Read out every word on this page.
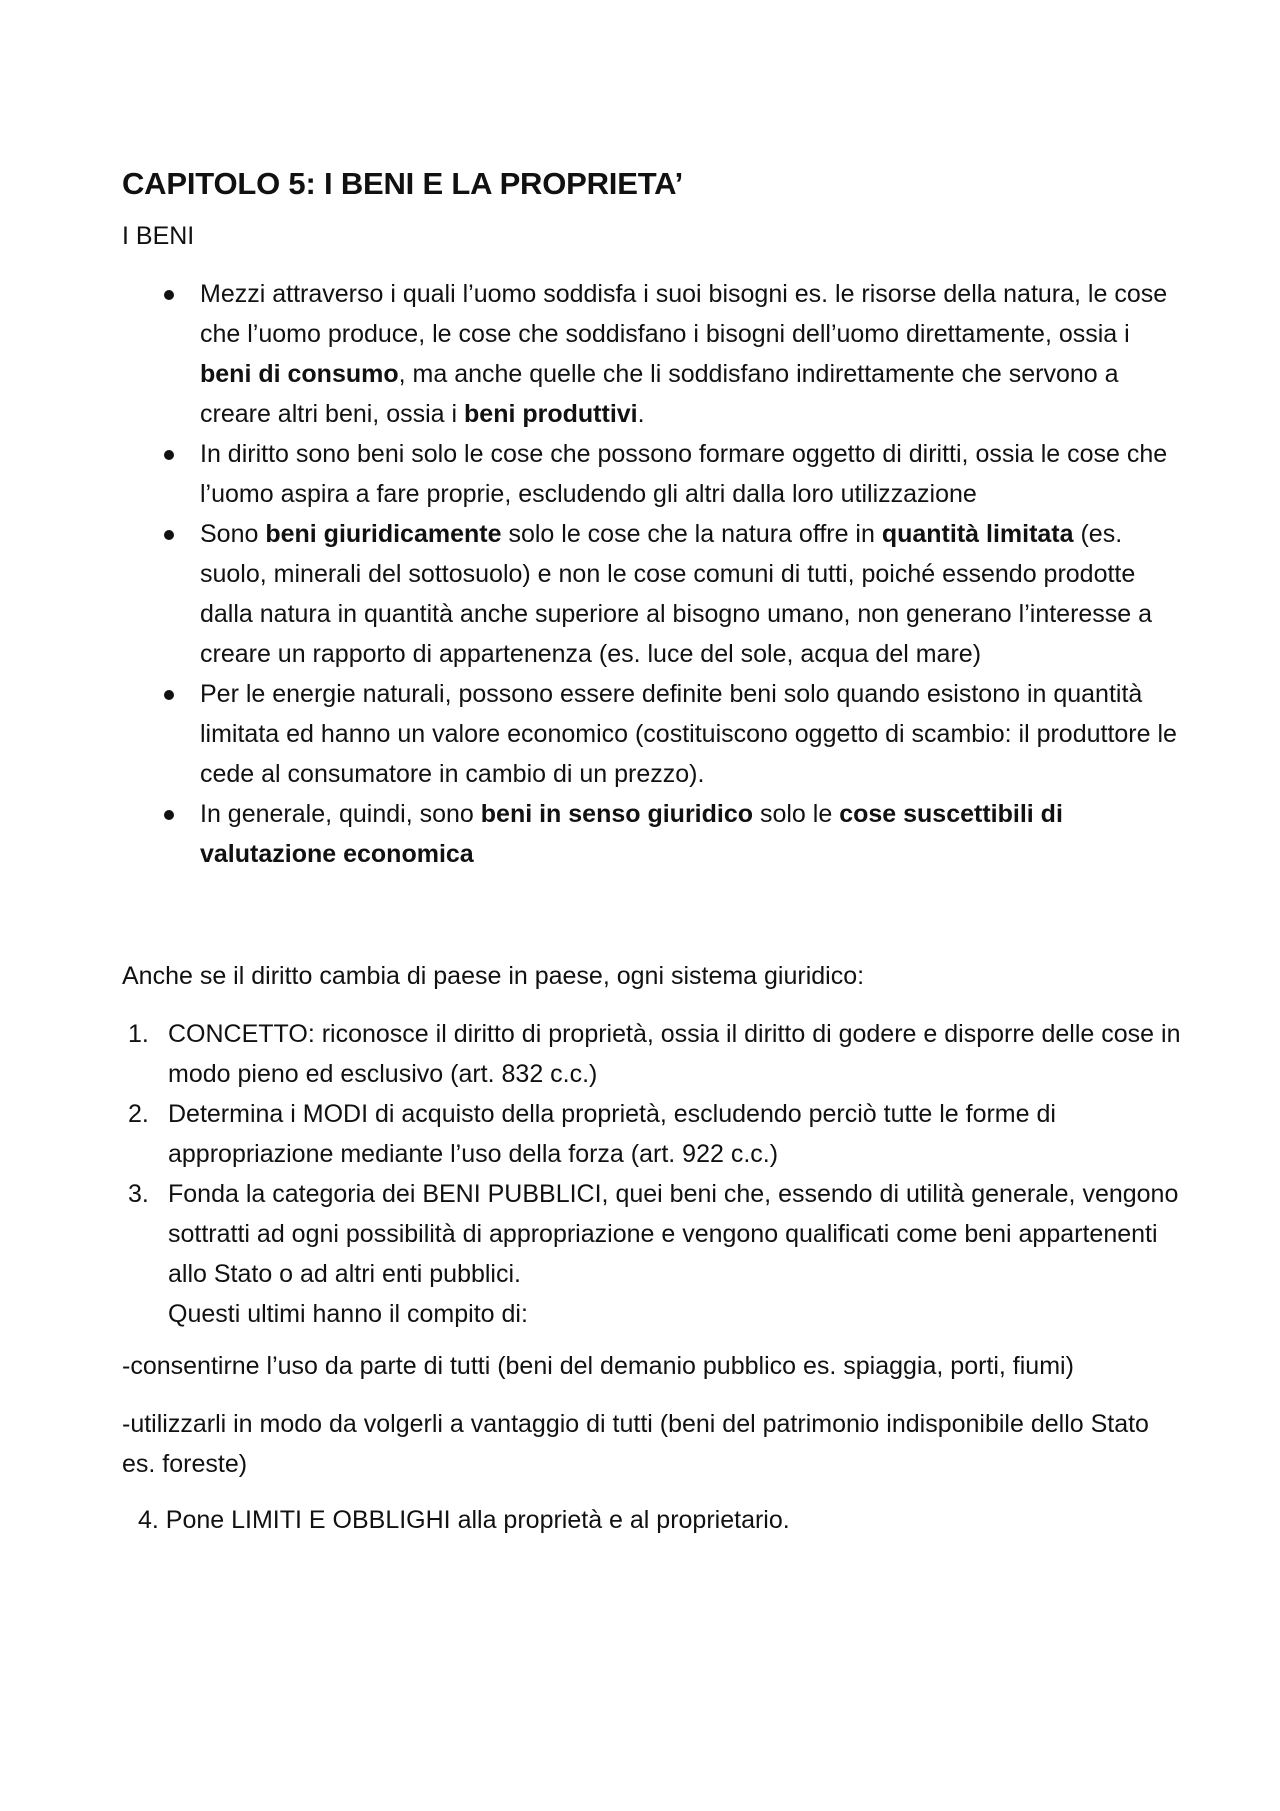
CAPITOLO 5: I BENI E LA PROPRIETA’
I BENI
Mezzi attraverso i quali l’uomo soddisfa i suoi bisogni es. le risorse della natura, le cose che l’uomo produce, le cose che soddisfano i bisogni dell’uomo direttamente, ossia i beni di consumo, ma anche quelle che li soddisfano indirettamente che servono a creare altri beni, ossia i beni produttivi.
In diritto sono beni solo le cose che possono formare oggetto di diritti, ossia le cose che l’uomo aspira a fare proprie, escludendo gli altri dalla loro utilizzazione
Sono beni giuridicamente solo le cose che la natura offre in quantità limitata (es. suolo, minerali del sottosuolo) e non le cose comuni di tutti, poiché essendo prodotte dalla natura in quantità anche superiore al bisogno umano, non generano l’interesse a creare un rapporto di appartenenza (es. luce del sole, acqua del mare)
Per le energie naturali, possono essere definite beni solo quando esistono in quantità limitata ed hanno un valore economico (costituiscono oggetto di scambio: il produttore le cede al consumatore in cambio di un prezzo).
In generale, quindi, sono beni in senso giuridico solo le cose suscettibili di valutazione economica

Anche se il diritto cambia di paese in paese, ogni sistema giuridico:

1. CONCETTO: riconosce il diritto di proprietà, ossia il diritto di godere e disporre delle cose in modo pieno ed esclusivo (art. 832 c.c.)
2. Determina i MODI di acquisto della proprietà, escludendo perciò tutte le forme di appropriazione mediante l’uso della forza (art. 922 c.c.)
3. Fonda la categoria dei BENI PUBBLICI, quei beni che, essendo di utilità generale, vengono sottratti ad ogni possibilità di appropriazione e vengono qualificati come beni appartenenti allo Stato o ad altri enti pubblici.
Questi ultimi hanno il compito di:

-consentirne l’uso da parte di tutti (beni del demanio pubblico es. spiaggia, porti, fiumi)

-utilizzarli in modo da volgerli a vantaggio di tutti (beni del patrimonio indisponibile dello Stato es. foreste)

4. Pone LIMITI E OBBLIGHI alla proprietà e al proprietario.
